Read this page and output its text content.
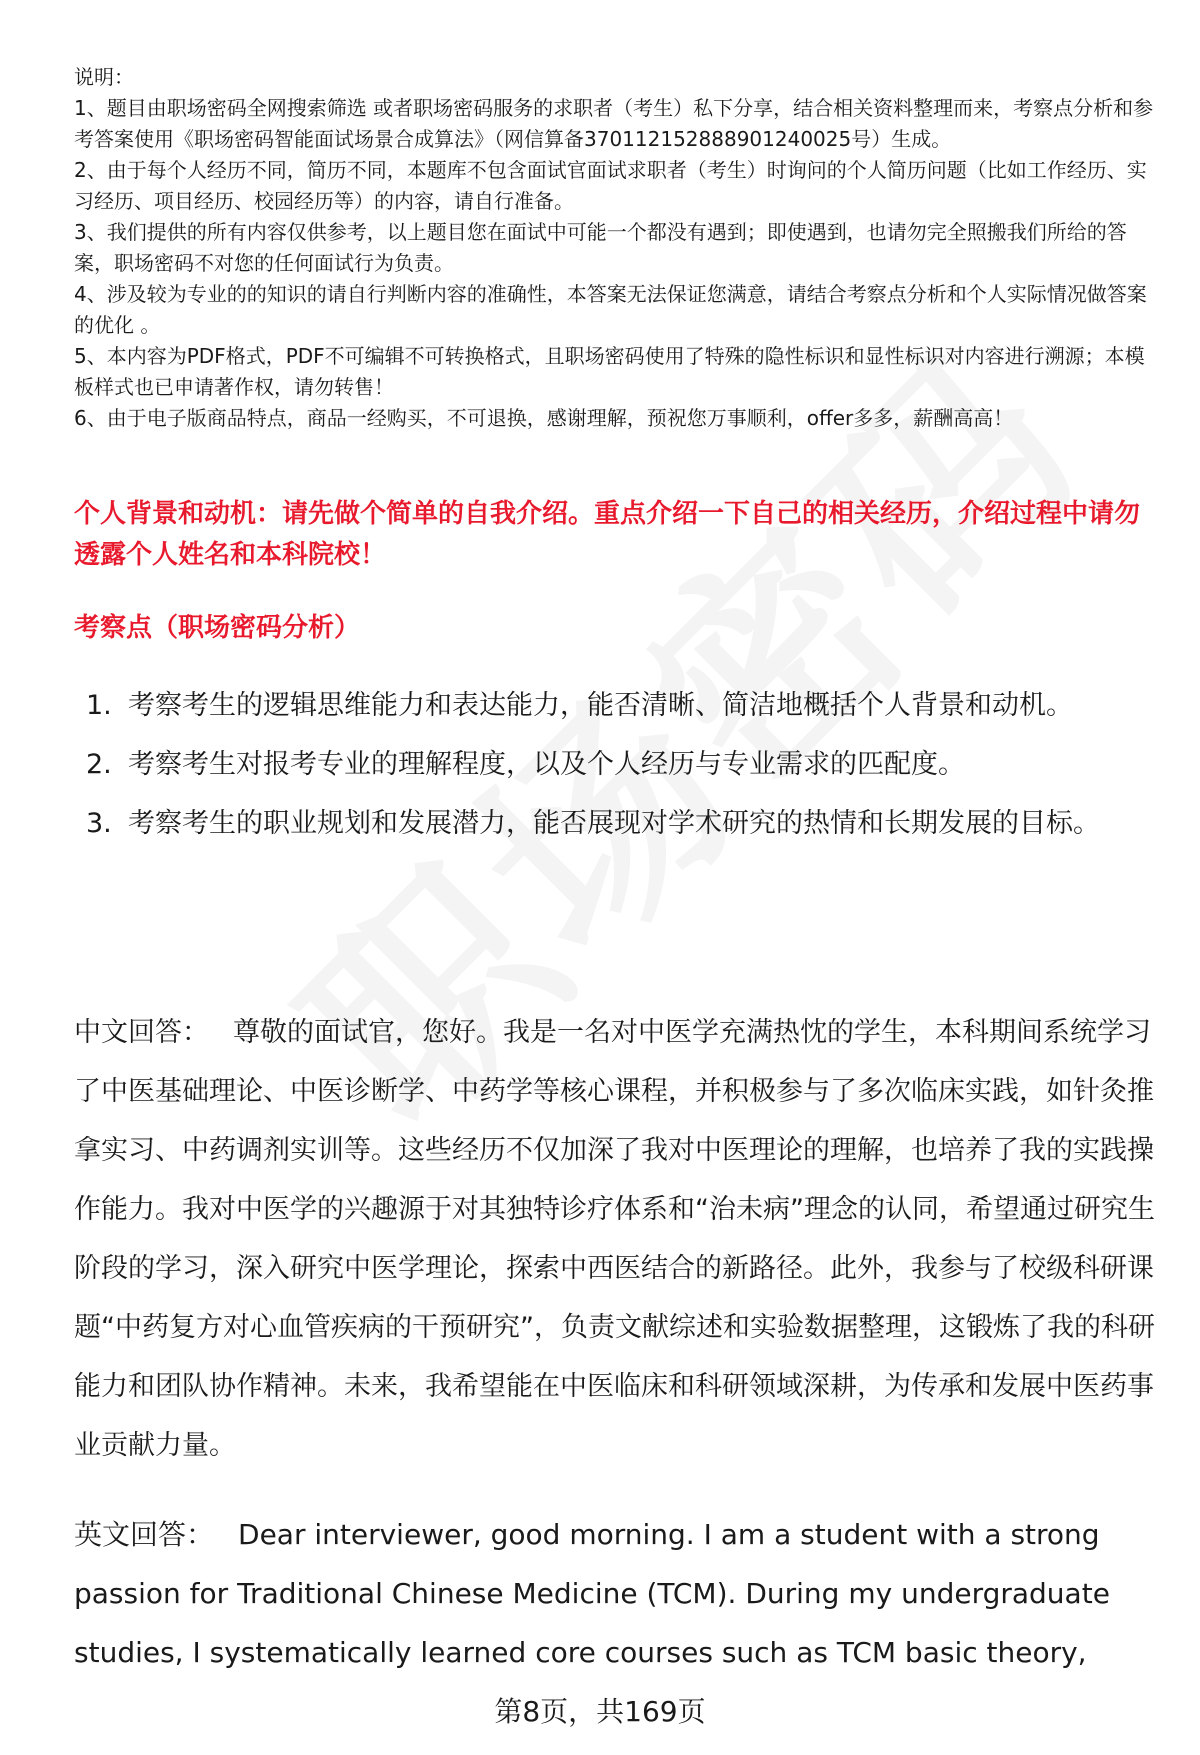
说明：

1、题目由职场密码全网搜索筛选 或者职场密码服务的求职者（考生）私下分享，结合相关资料整理而来，考察点分析和参考答案使用《职场密码智能面试场景合成算法》（网信算备370112152888901240025号）生成。

2、由于每个人经历不同，简历不同，本题库不包含面试官面试求职者（考生）时询问的个人简历问题（比如工作经历、实习经历、项目经历、校园经历等）的内容，请自行准备。

3、我们提供的所有内容仅供参考，以上题目您在面试中可能一个都没有遇到；即使遇到，也请勿完全照搬我们所给的答案，职场密码不对您的任何面试行为负责。

4、涉及较为专业的的知识的请自行判断内容的准确性，本答案无法保证您满意，请结合考察点分析和个人实际情况做答案的优化 。

5、本内容为PDF格式，PDF不可编辑不可转换格式，且职场密码使用了特殊的隐性标识和显性标识对内容进行溯源；本模板样式也已申请著作权，请勿转售！

6、由于电子版商品特点，商品一经购买，不可退换，感谢理解，预祝您万事顺利，offer多多，薪酬高高！

个人背景和动机：请先做个简单的自我介绍。重点介绍一下自己的相关经历，介绍过程中请勿透露个人姓名和本科院校！

考察点（职场密码分析）

1. 考察考生的逻辑思维能力和表达能力，能否清晰、简洁地概括个人背景和动机。
2. 考察考生对报考专业的理解程度，以及个人经历与专业需求的匹配度。
3. 考察考生的职业规划和发展潜力，能否展现对学术研究的热情和长期发展的目标。

中文回答： 尊敬的面试官，您好。我是一名对中医学充满热忱的学生，本科期间系统学习了中医基础理论、中医诊断学、中药学等核心课程，并积极参与了多次临床实践，如针灸推拿实习、中药调剂实训等。这些经历不仅加深了我对中医理论的理解，也培养了我的实践操作能力。我对中医学的兴趣源于对其独特诊疗体系和“治未病”理念的认同，希望通过研究生阶段的学习，深入研究中医学理论，探索中西医结合的新路径。此外，我参与了校级科研课题“中药复方对心血管疾病的干预研究”，负责文献综述和实验数据整理，这锻炼了我的科研能力和团队协作精神。未来，我希望能在中医临床和科研领域深耕，为传承和发展中医药事业贡献力量。

英文回答： Dear interviewer, good morning. I am a student with a strong passion for Traditional Chinese Medicine (TCM). During my undergraduate studies, I systematically learned core courses such as TCM basic theory,

第8页，共169页
